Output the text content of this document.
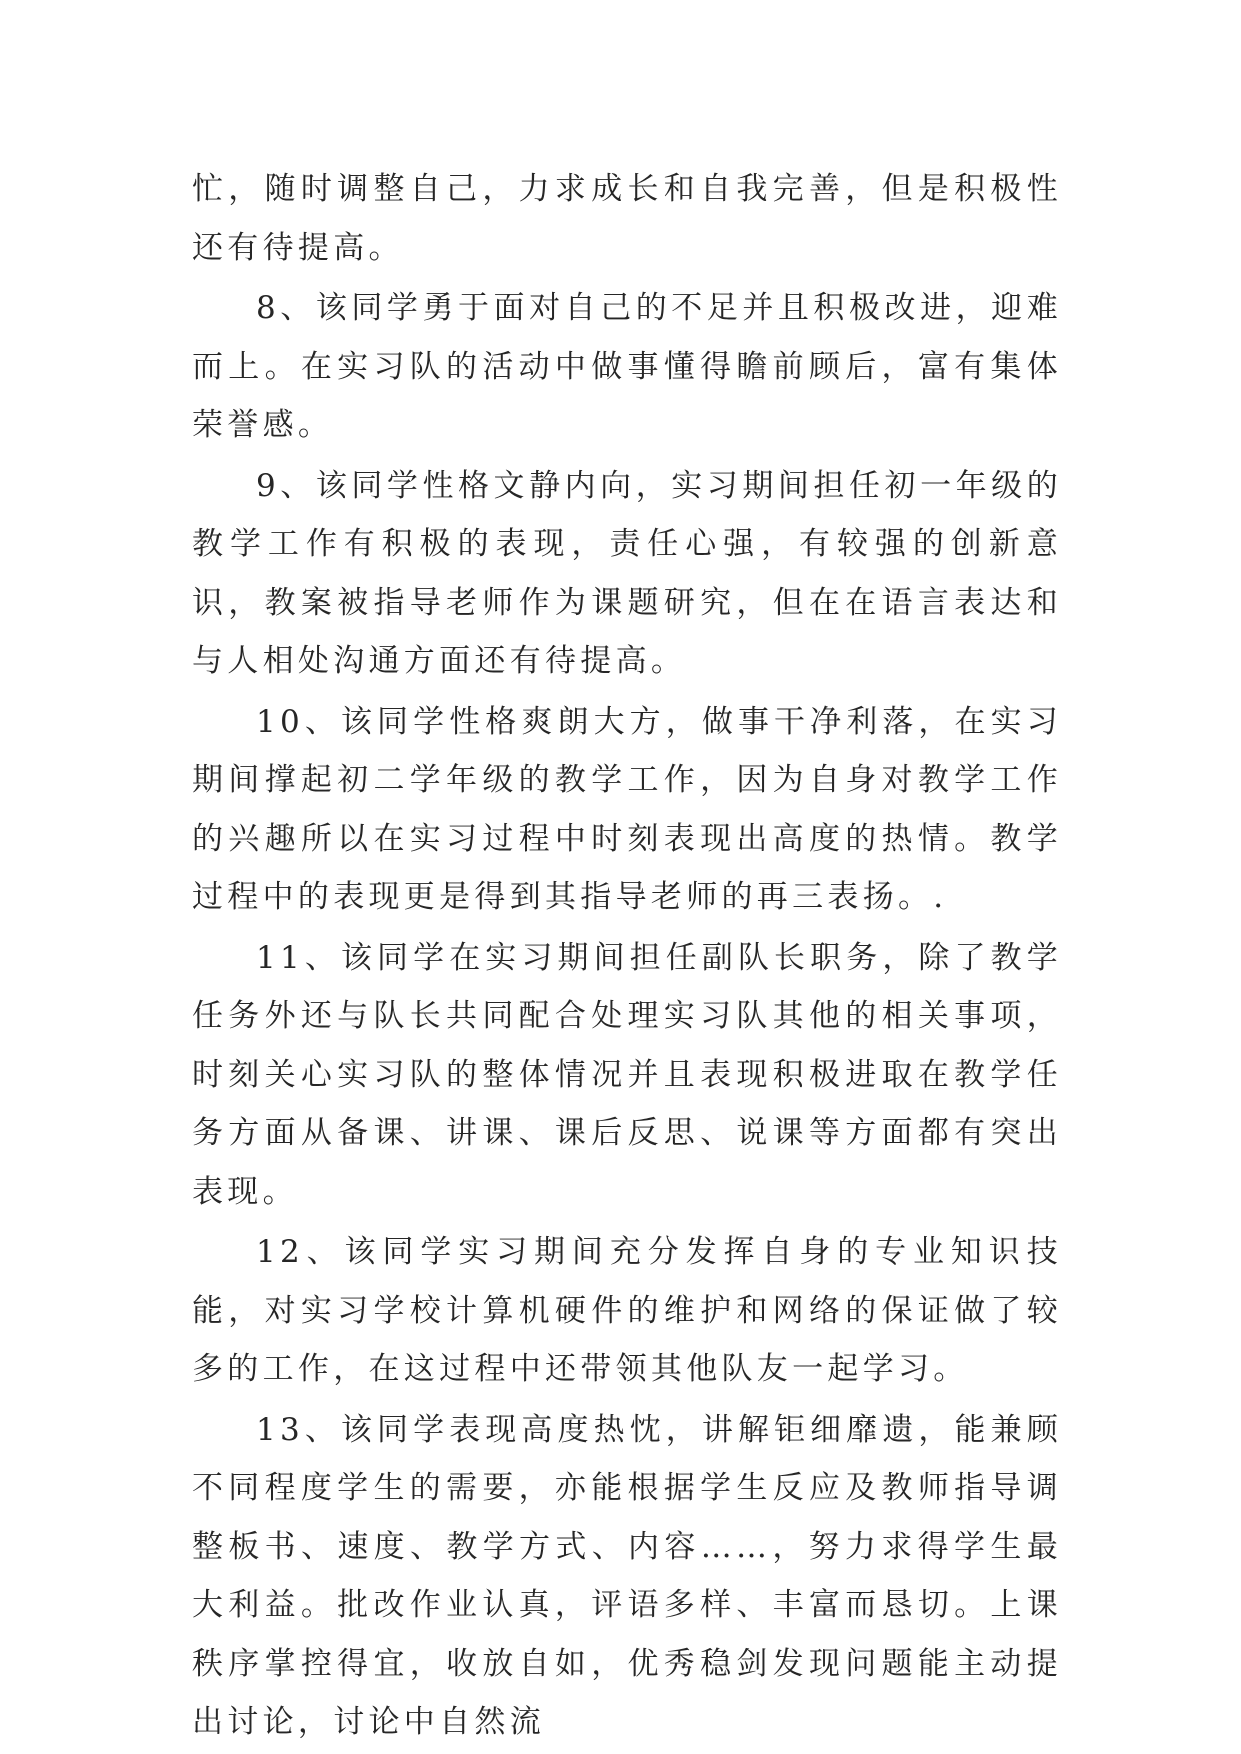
忙，随时调整自己，力求成长和自我完善，但是积极性还有待提高。

8、该同学勇于面对自己的不足并且积极改进，迎难而上。在实习队的活动中做事懂得瞻前顾后，富有集体荣誉感。

9、该同学性格文静内向，实习期间担任初一年级的教学工作有积极的表现，责任心强，有较强的创新意识，教案被指导老师作为课题研究，但在在语言表达和与人相处沟通方面还有待提高。

10、该同学性格爽朗大方，做事干净利落，在实习期间撑起初二学年级的教学工作，因为自身对教学工作的兴趣所以在实习过程中时刻表现出高度的热情。教学过程中的表现更是得到其指导老师的再三表扬。.

11、该同学在实习期间担任副队长职务，除了教学任务外还与队长共同配合处理实习队其他的相关事项，时刻关心实习队的整体情况并且表现积极进取在教学任务方面从备课、讲课、课后反思、说课等方面都有突出表现。

12、该同学实习期间充分发挥自身的专业知识技能，对实习学校计算机硬件的维护和网络的保证做了较多的工作，在这过程中还带领其他队友一起学习。

13、该同学表现高度热忱，讲解钜细靡遗，能兼顾不同程度学生的需要，亦能根据学生反应及教师指导调整板书、速度、教学方式、内容……，努力求得学生最大利益。批改作业认真，评语多样、丰富而恳切。上课秩序掌控得宜，收放自如，优秀稳剑发现问题能主动提出讨论，讨论中自然流
